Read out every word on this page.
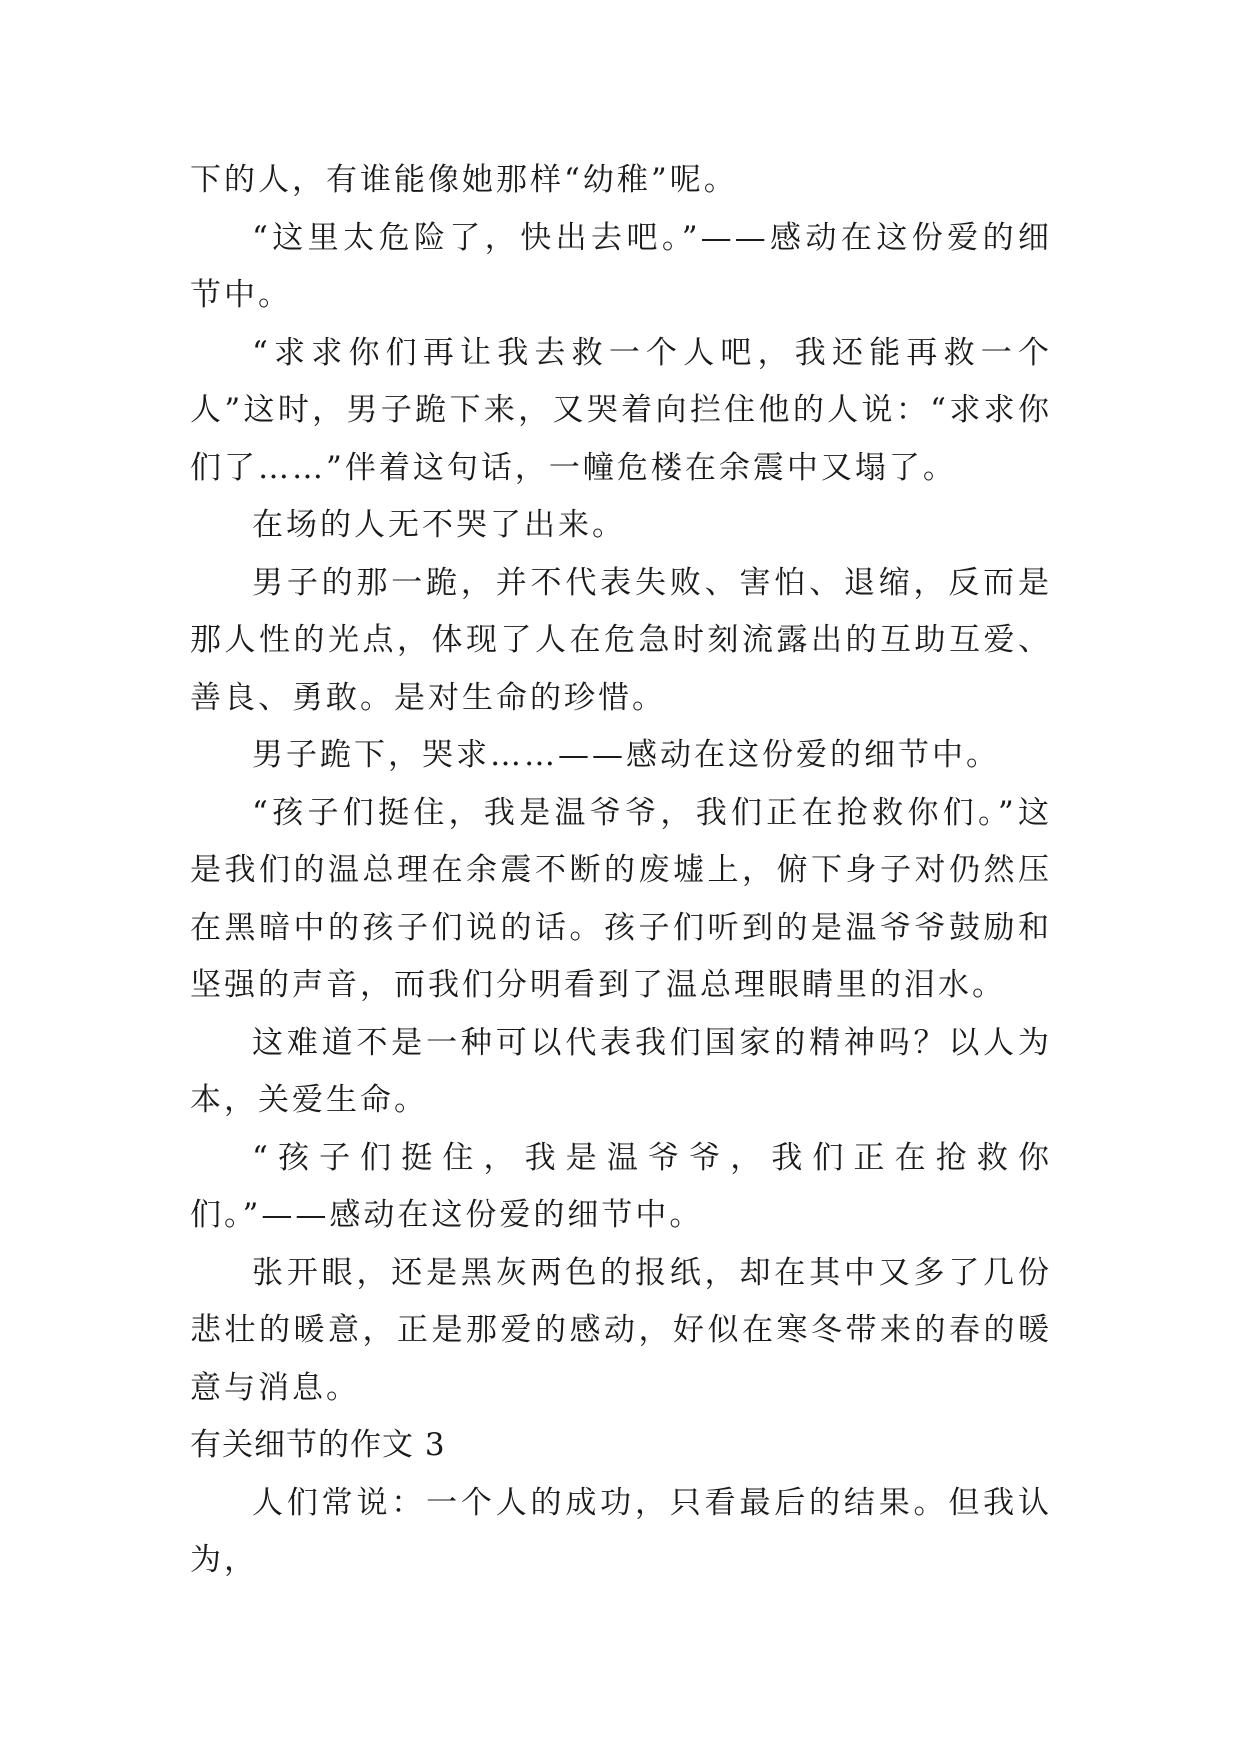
下的人，有谁能像她那样“幼稚”呢。

“这里太危险了，快出去吧。”——感动在这份爱的细节中。

“求求你们再让我去救一个人吧，我还能再救一个人”这时，男子跪下来，又哭着向拦住他的人说：“求求你们了……”伴着这句话，一幢危楼在余震中又塌了。

在场的人无不哭了出来。

男子的那一跪，并不代表失败、害怕、退缩，反而是那人性的光点，体现了人在危急时刻流露出的互助互爱、善良、勇敢。是对生命的珍惜。

男子跪下，哭求……——感动在这份爱的细节中。

“孩子们挺住，我是温爷爷，我们正在抢救你们。”这是我们的温总理在余震不断的废墟上，俯下身子对仍然压在黑暗中的孩子们说的话。孩子们听到的是温爷爷鼓励和坚强的声音，而我们分明看到了温总理眼睛里的泪水。

这难道不是一种可以代表我们国家的精神吗？以人为本，关爱生命。

“孩子们挺住，我是温爷爷，我们正在抢救你们。”——感动在这份爱的细节中。

张开眼，还是黑灰两色的报纸，却在其中又多了几份悲壮的暖意，正是那爱的感动，好似在寒冬带来的春的暖意与消息。

有关细节的作文 3

人们常说：一个人的成功，只看最后的结果。但我认为，
